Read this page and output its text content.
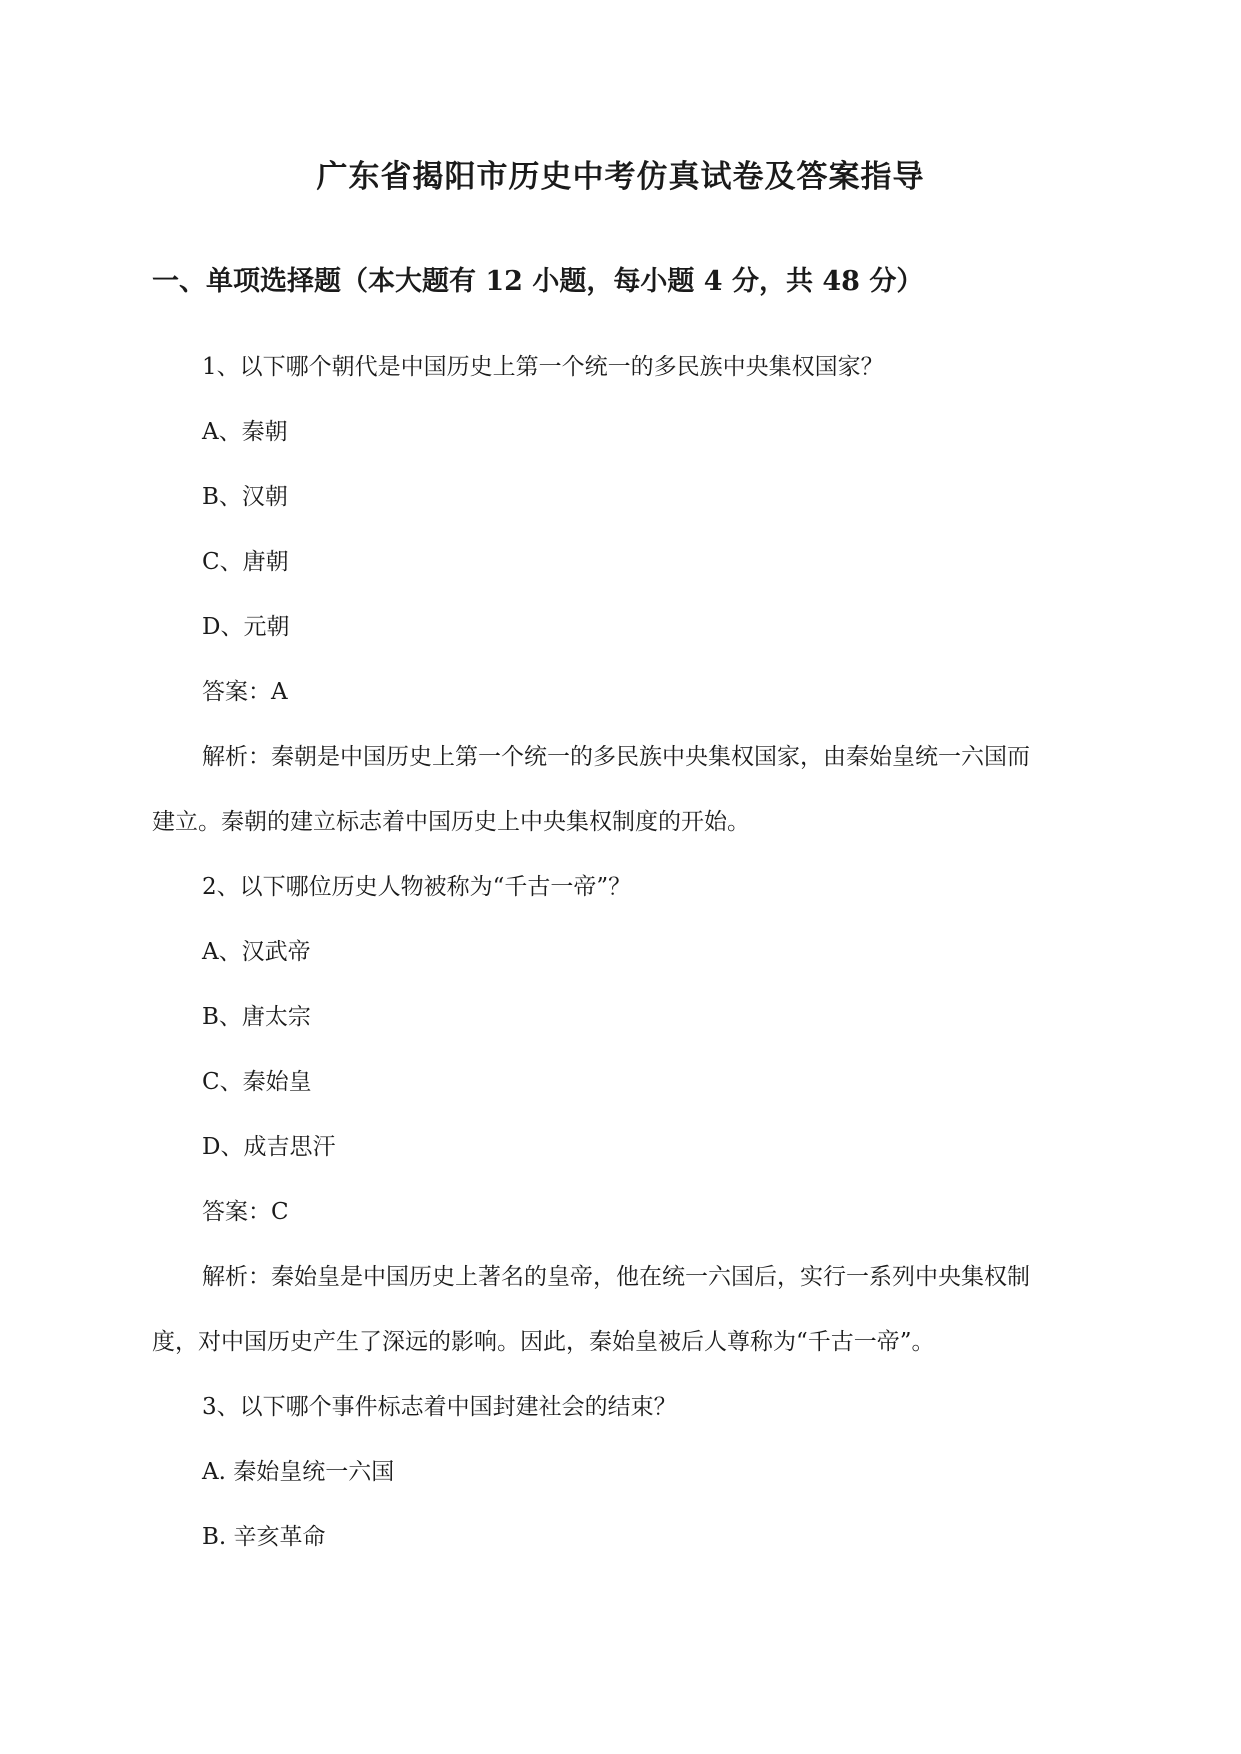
广东省揭阳市历史中考仿真试卷及答案指导
一、单项选择题（本大题有 12 小题，每小题 4 分，共 48 分）
1、以下哪个朝代是中国历史上第一个统一的多民族中央集权国家？
A、秦朝
B、汉朝
C、唐朝
D、元朝
答案：A
解析：秦朝是中国历史上第一个统一的多民族中央集权国家，由秦始皇统一六国而
建立。秦朝的建立标志着中国历史上中央集权制度的开始。
2、以下哪位历史人物被称为“千古一帝”？
A、汉武帝
B、唐太宗
C、秦始皇
D、成吉思汗
答案：C
解析：秦始皇是中国历史上著名的皇帝，他在统一六国后，实行一系列中央集权制
度，对中国历史产生了深远的影响。因此，秦始皇被后人尊称为“千古一帝”。
3、以下哪个事件标志着中国封建社会的结束？
A. 秦始皇统一六国
B. 辛亥革命
